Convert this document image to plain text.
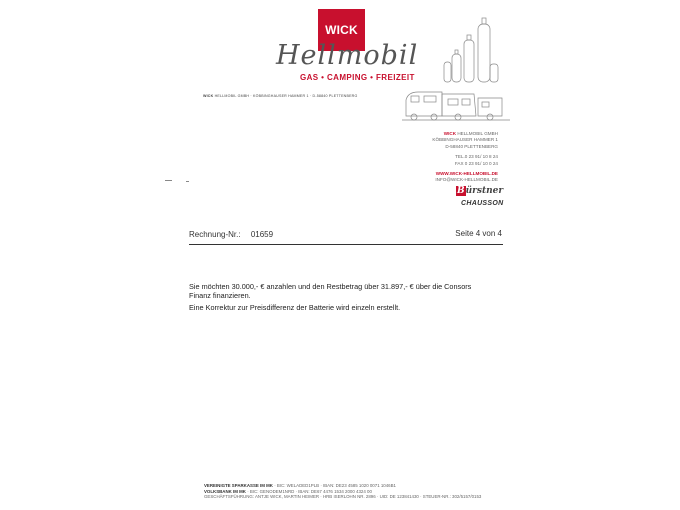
WICK
Hellmobil
GAS • CAMPING • FREIZEIT
WICK HELLMOBIL GMBH · KÖBBINGHAUSER HAMMER 1 · D-58840 PLETTENBERG
WICK HELLMOBIL GMBH
KÖBBINGHAUSER HAMMER 1
D-58840 PLETTENBERG
TEL.0 23 91/ 10 8 24
FAX 0 23 91/ 10 0 24
WWW.WICK-HELLMOBIL.DE
INFO@WICK-HELLMOBIL.DE
Bürstner
CHAUSSON
Rechnung-Nr.: 01659	Seite 4 von 4

Sie möchten 30.000,- € anzahlen und den Restbetrag über 31.897,- € über die Consors Finanz finanzieren.

Eine Korrektur zur Preisdifferenz der Batterie wird einzeln erstellt.

VEREINIGTE SPARKASSE IM MK · BIC: WELADED1PLB · IBAN: DE23 4585 1020 0071 1046B1
VOLKSBANK IM MK · BIC: GENODEM1NRD · IBAN: DE67 4476 1534 2000 4324 00
GESCHÄFTSFÜHRUNG: ANTJE WICK, MARTIN HEIMER · HRB ISERLOHN NR. 2896 · UID: DE 123841430 · STEUER-NR.: 302/5157/0153
